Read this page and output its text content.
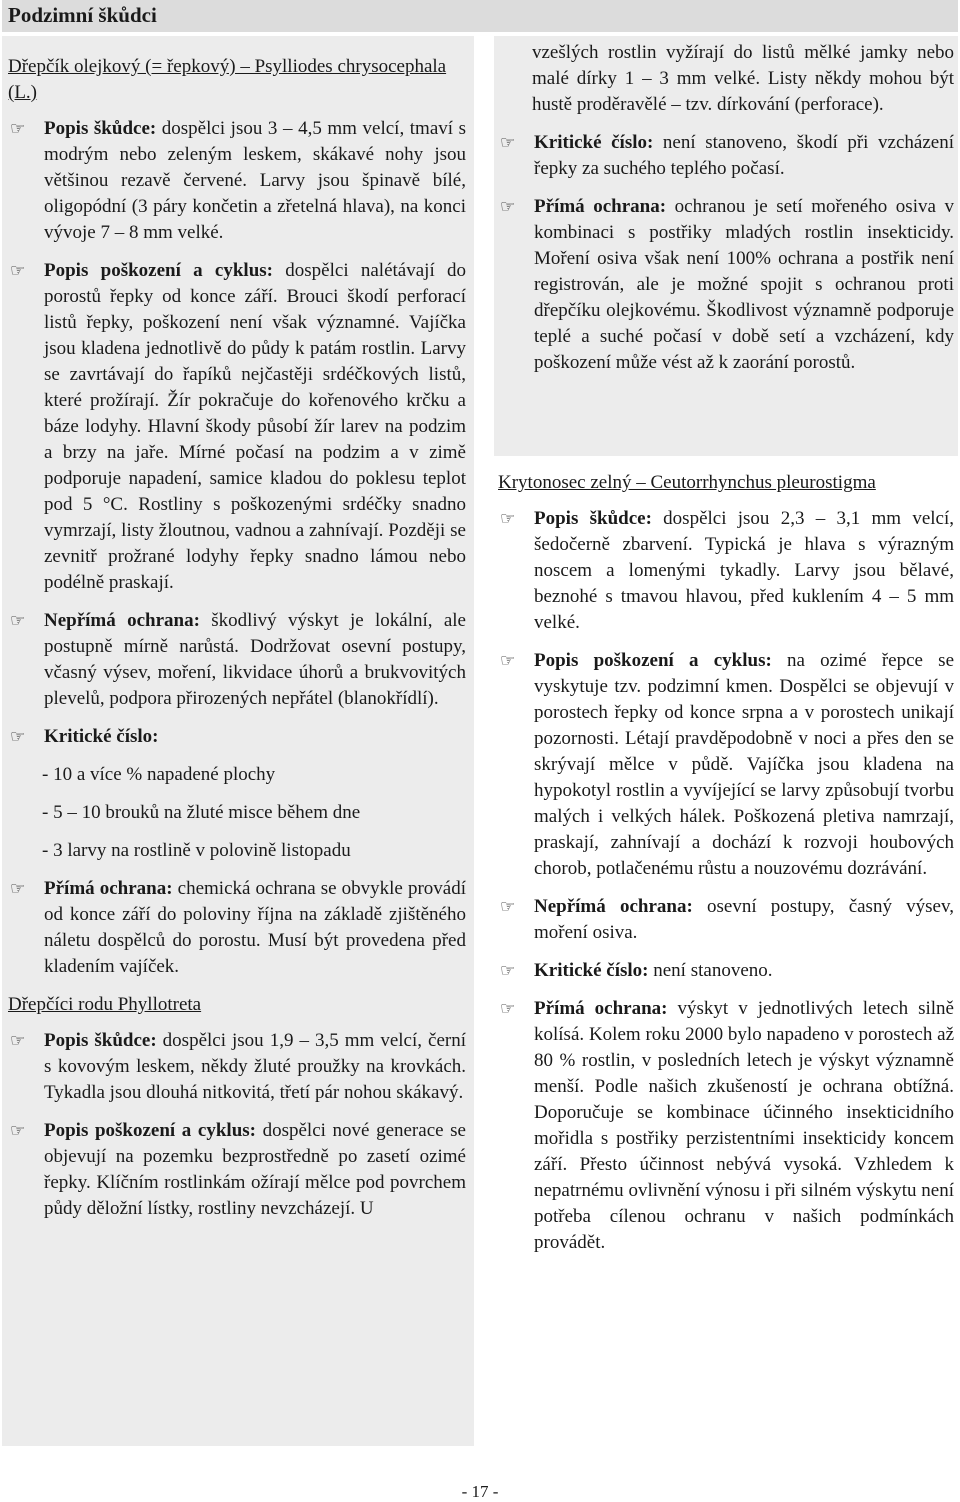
Podzimní škůdci
Dřepčík olejkový (= řepkový) – Psylliodes chrysocephala (L.)
☞ Popis škůdce: dospělci jsou 3 – 4,5 mm velcí, tmaví s modrým nebo zeleným leskem, skákavé nohy jsou většinou rezavě červené. Larvy jsou špinavě bílé, oligopódní (3 páry končetin a zřetelná hlava), na konci vývoje 7 – 8 mm velké.
☞ Popis poškození a cyklus: dospělci nalétávají do porostů řepky od konce září. Brouci škodí perforací listů řepky, poškození není však významné. Vajíčka jsou kladena jednotlivě do půdy k patám rostlin. Larvy se zavrtávají do řapíků nejčastěji srdéčkových listů, které prožírají. Žír pokračuje do kořenového krčku a báze lodyhy. Hlavní škody působí žír larev na podzim a brzy na jaře. Mírné počasí na podzim a v zimě podporuje napadení, samice kladou do poklesu teplot pod 5 °C. Rostliny s poškozenými srdéčky snadno vymrzají, listy žloutnou, vadnou a zahnívají. Později se zevnitř prožrané lodyhy řepky snadno lámou nebo podélně praskají.
☞ Nepřímá ochrana: škodlivý výskyt je lokální, ale postupně mírně narůstá. Dodržovat osevní postupy, včasný výsev, moření, likvidace úhorů a brukvovitých plevelů, podpora přirozených nepřátel (blanokřídlí).
☞ Kritické číslo:
- 10 a více % napadené plochy
- 5 – 10 brouků na žluté misce během dne
- 3 larvy na rostlině v polovině listopadu
☞ Přímá ochrana: chemická ochrana se obvykle provádí od konce září do poloviny října na základě zjištěného náletu dospělců do porostu. Musí být provedena před kladením vajíček.
Dřepčíci rodu Phyllotreta
☞ Popis škůdce: dospělci jsou 1,9 – 3,5 mm velcí, černí s kovovým leskem, někdy žluté proužky na krovkách. Tykadla jsou dlouhá nitkovitá, třetí pár nohou skákavý.
☞ Popis poškození a cyklus: dospělci nové generace se objevují na pozemku bezprostředně po zasetí ozimé řepky. Klíčním rostlinkám ožírají mělce pod povrchem půdy děložní lístky, rostliny nevzcházejí. U
vzešlých rostlin vyžírají do listů mělké jamky nebo malé dírky 1 – 3 mm velké. Listy někdy mohou být hustě proděravělé – tzv. dírkování (perforace).
☞ Kritické číslo: není stanoveno, škodí při vzcházení řepky za suchého teplého počasí.
☞ Přímá ochrana: ochranou je setí mořeného osiva v kombinaci s postřiky mladých rostlin insekticidy. Moření osiva však není 100% ochrana a postřik není registrován, ale je možné spojit s ochranou proti dřepčíku olejkovému. Škodlivost významně podporuje teplé a suché počasí v době setí a vzcházení, kdy poškození může vést až k zaorání porostů.
Krytonosec zelný – Ceutorrhynchus pleurostigma
☞ Popis škůdce: dospělci jsou 2,3 – 3,1 mm velcí, šedočerně zbarvení. Typická je hlava s výrazným noscem a lomenými tykadly. Larvy jsou bělavé, beznohé s tmavou hlavou, před kuklením 4 – 5 mm velké.
☞ Popis poškození a cyklus: na ozimé řepce se vyskytuje tzv. podzimní kmen. Dospělci se objevují v porostech řepky od konce srpna a v porostech unikají pozornosti. Létají pravděpodobně v noci a přes den se skrývají mělce v půdě. Vajíčka jsou kladena na hypokotyl rostlin a vyvíjející se larvy způsobují tvorbu malých i velkých hálek. Poškozená pletiva namrzají, praskají, zahnívají a dochází k rozvoji houbových chorob, potlačenému růstu a nouzovému dozrávání.
☞ Nepřímá ochrana: osevní postupy, časný výsev, moření osiva.
☞ Kritické číslo: není stanoveno.
☞ Přímá ochrana: výskyt v jednotlivých letech silně kolísá. Kolem roku 2000 bylo napadeno v porostech až 80 % rostlin, v posledních letech je výskyt významně menší. Podle našich zkušeností je ochrana obtížná. Doporučuje se kombinace účinného insekticidního mořidla s postřiky perzistentními insekticidy koncem září. Přesto účinnost nebývá vysoká. Vzhledem k nepatrnému ovlivnění výnosu i při silném výskytu není potřeba cílenou ochranu v našich podmínkách provádět.
- 17 -
